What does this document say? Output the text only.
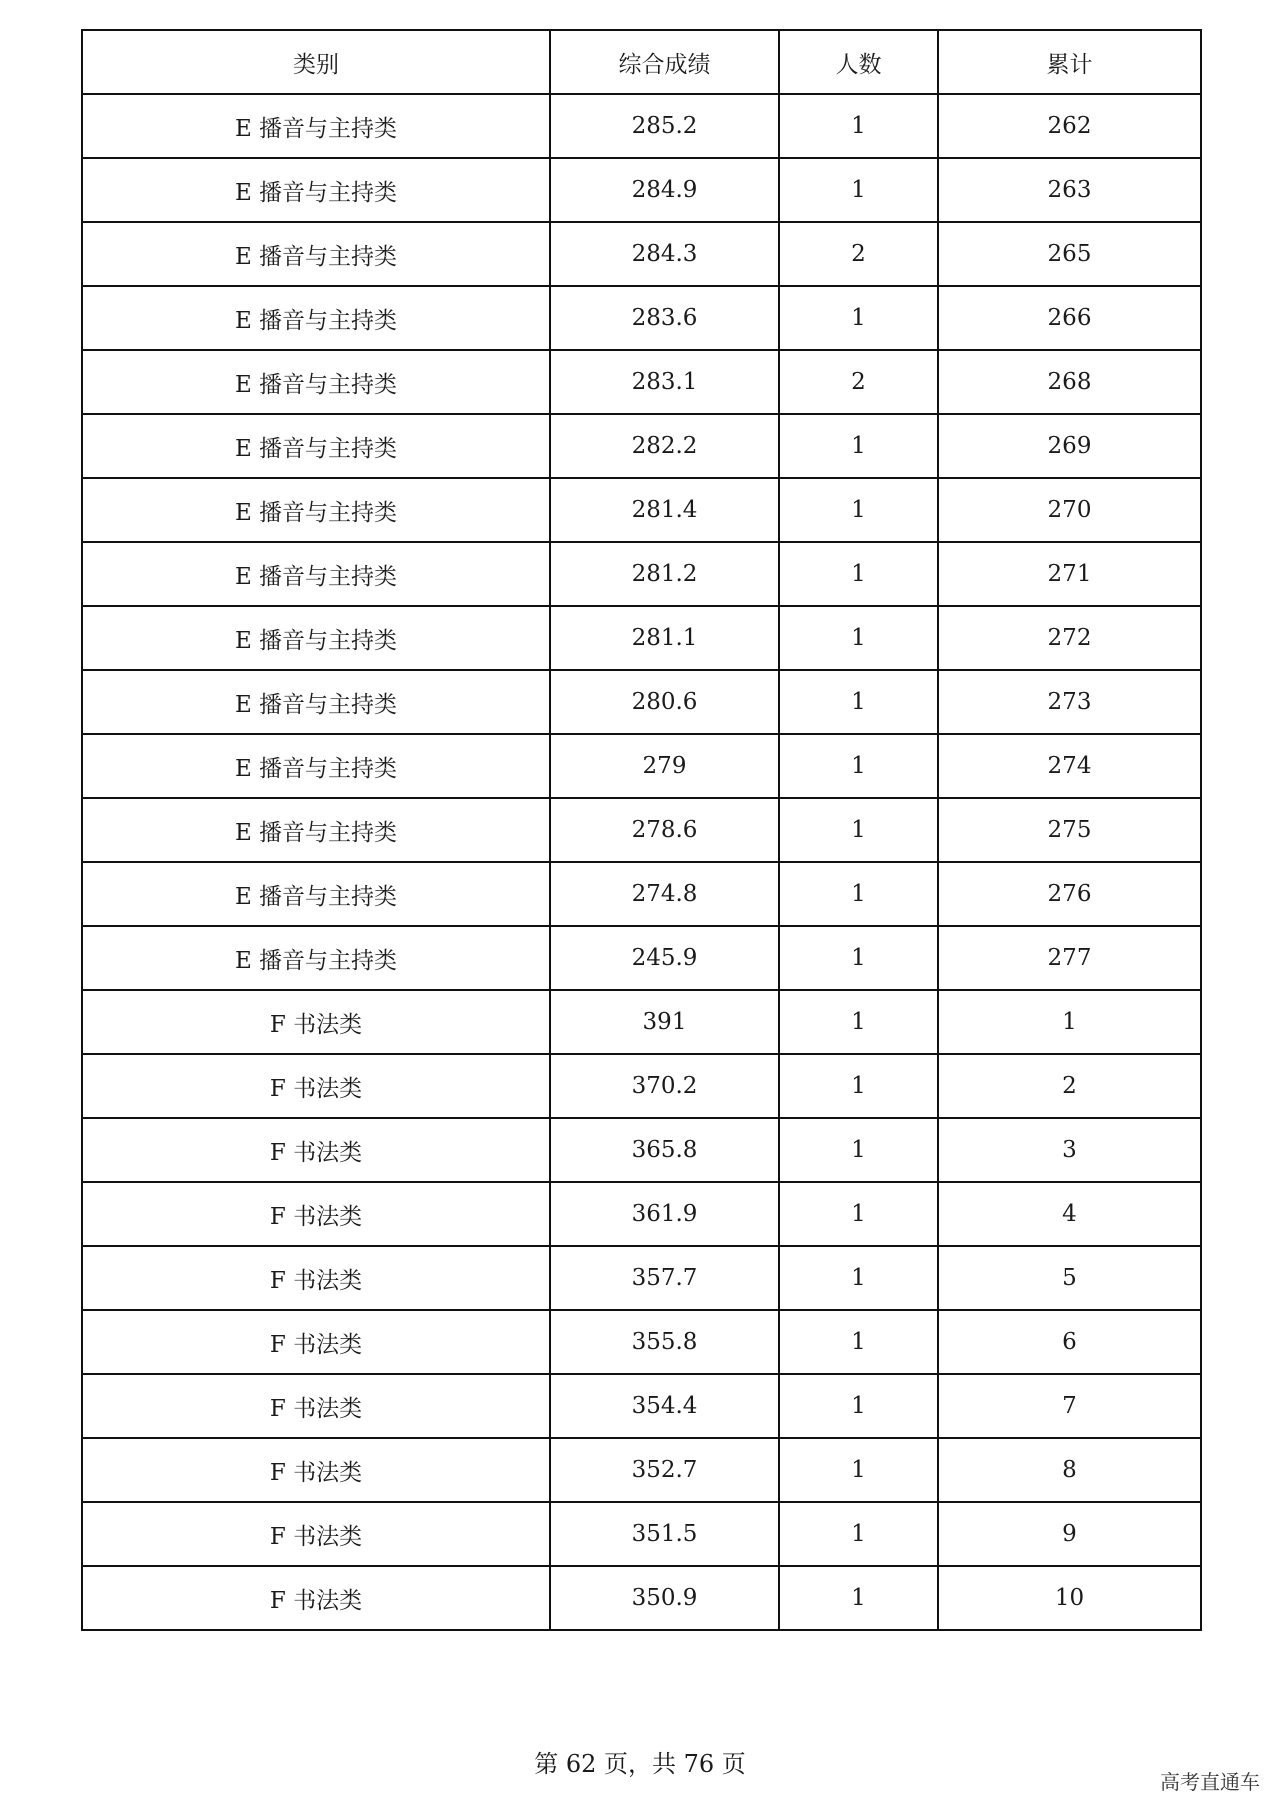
类别	综合成绩	人数	累计
E 播音与主持类	285.2	1	262
E 播音与主持类	284.9	1	263
E 播音与主持类	284.3	2	265
E 播音与主持类	283.6	1	266
E 播音与主持类	283.1	2	268
E 播音与主持类	282.2	1	269
E 播音与主持类	281.4	1	270
E 播音与主持类	281.2	1	271
E 播音与主持类	281.1	1	272
E 播音与主持类	280.6	1	273
E 播音与主持类	279	1	274
E 播音与主持类	278.6	1	275
E 播音与主持类	274.8	1	276
E 播音与主持类	245.9	1	277
F 书法类	391	1	1
F 书法类	370.2	1	2
F 书法类	365.8	1	3
F 书法类	361.9	1	4
F 书法类	357.7	1	5
F 书法类	355.8	1	6
F 书法类	354.4	1	7
F 书法类	352.7	1	8
F 书法类	351.5	1	9
F 书法类	350.9	1	10
第 62 页，共 76 页
高考直通车
